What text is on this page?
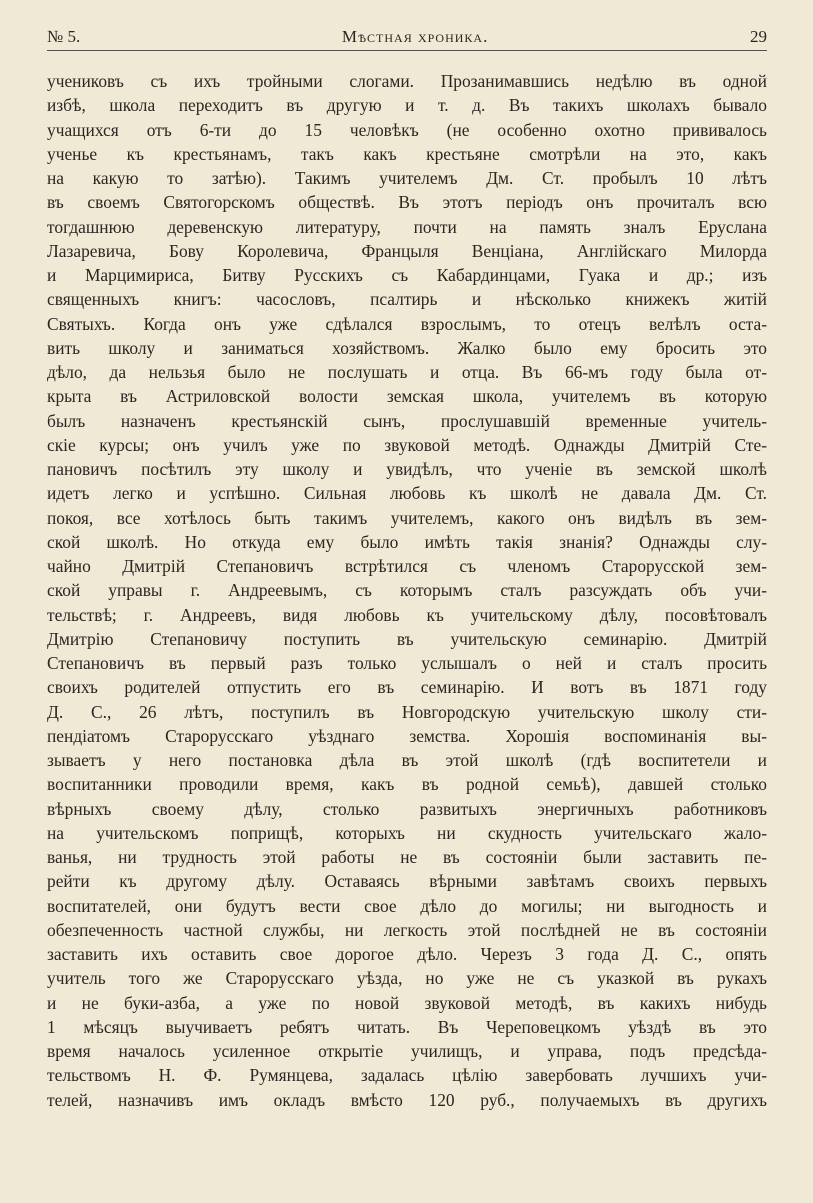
№ 5.	Мѣстная хроника.	29
учениковъ съ ихъ тройными слогами. Прозанимавшись недѣлю въ одной
избѣ, школа переходитъ въ другую и т. д. Въ такихъ школахъ бывало
учащихся отъ 6-ти до 15 человѣкъ (не особенно охотно прививалось
ученье къ крестьянамъ, такъ какъ крестьяне смотрѣли на это, какъ
на какую то затѣю). Такимъ учителемъ Дм. Ст. пробылъ 10 лѣтъ
въ своемъ Святогорскомъ обществѣ. Въ этотъ періодъ онъ прочиталъ всю
тогдашнюю деревенскую литературу, почти на память зналъ Еруслана
Лазаревича, Бову Королевича, Францыля Венціана, Англійскаго Милорда
и Марцимириса, Битву Русскихъ съ Кабардинцами, Гуака и др.; изъ
священныхъ книгъ: часословъ, псалтирь и нѣсколько книжекъ житій
Святыхъ. Когда онъ уже сдѣлался взрослымъ, то отецъ велѣлъ оста-
вить школу и заниматься хозяйствомъ. Жалко было ему бросить это
дѣло, да нельзья было не послушать и отца. Въ 66-мъ году была от-
крыта въ Астриловской волости земская школа, учителемъ въ которую
былъ назначенъ крестьянскій сынъ, прослушавшій временные учитель-
скіе курсы; онъ училъ уже по звуковой методѣ. Однажды Дмитрій Сте-
пановичъ посѣтилъ эту школу и увидѣлъ, что ученіе въ земской школѣ
идетъ легко и успѣшно. Сильная любовь къ школѣ не давала Дм. Ст.
покоя, все хотѣлось быть такимъ учителемъ, какого онъ видѣлъ въ зем-
ской школѣ. Но откуда ему было имѣть такія знанія? Однажды слу-
чайно Дмитрій Степановичъ встрѣтился съ членомъ Старорусской зем-
ской управы г. Андреевымъ, съ которымъ сталъ разсуждать объ учи-
тельствѣ; г. Андреевъ, видя любовь къ учительскому дѣлу, посовѣтовалъ
Дмитрію Степановичу поступить въ учительскую семинарію. Дмитрій
Степановичъ въ первый разъ только услышалъ о ней и сталъ просить
своихъ родителей отпустить его въ семинарію. И вотъ въ 1871 году
Д. С., 26 лѣтъ, поступилъ въ Новгородскую учительскую школу сти-
пендіатомъ Старорусскаго уѣзднаго земства. Хорошія воспоминанія вы-
зываетъ у него постановка дѣла въ этой школѣ (гдѣ воспитетели и
воспитанники проводили время, какъ въ родной семьѣ), давшей столько
вѣрныхъ своему дѣлу, столько развитыхъ энергичныхъ работниковъ
на учительскомъ поприщѣ, которыхъ ни скудность учительскаго жало-
ванья, ни трудность этой работы не въ состояніи были заставить пе-
рейти къ другому дѣлу. Оставаясь вѣрными завѣтамъ своихъ первыхъ
воспитателей, они будутъ вести свое дѣло до могилы; ни выгодность и
обезпеченность частной службы, ни легкость этой послѣдней не въ состояніи
заставить ихъ оставить свое дорогое дѣло. Черезъ 3 года Д. С., опять
учитель того же Старорусскаго уѣзда, но уже не съ указкой въ рукахъ
и не буки-азба, а уже по новой звуковой методѣ, въ какихъ нибудь
1 мѣсяцъ выучиваетъ ребятъ читать. Въ Череповецкомъ уѣздѣ въ это
время началось усиленное открытіе училищъ, и управа, подъ предсѣда-
тельствомъ Н. Ф. Румянцева, задалась цѣлію завербовать лучшихъ учи-
телей, назначивъ имъ окладъ вмѣсто 120 руб., получаемыхъ въ другихъ
